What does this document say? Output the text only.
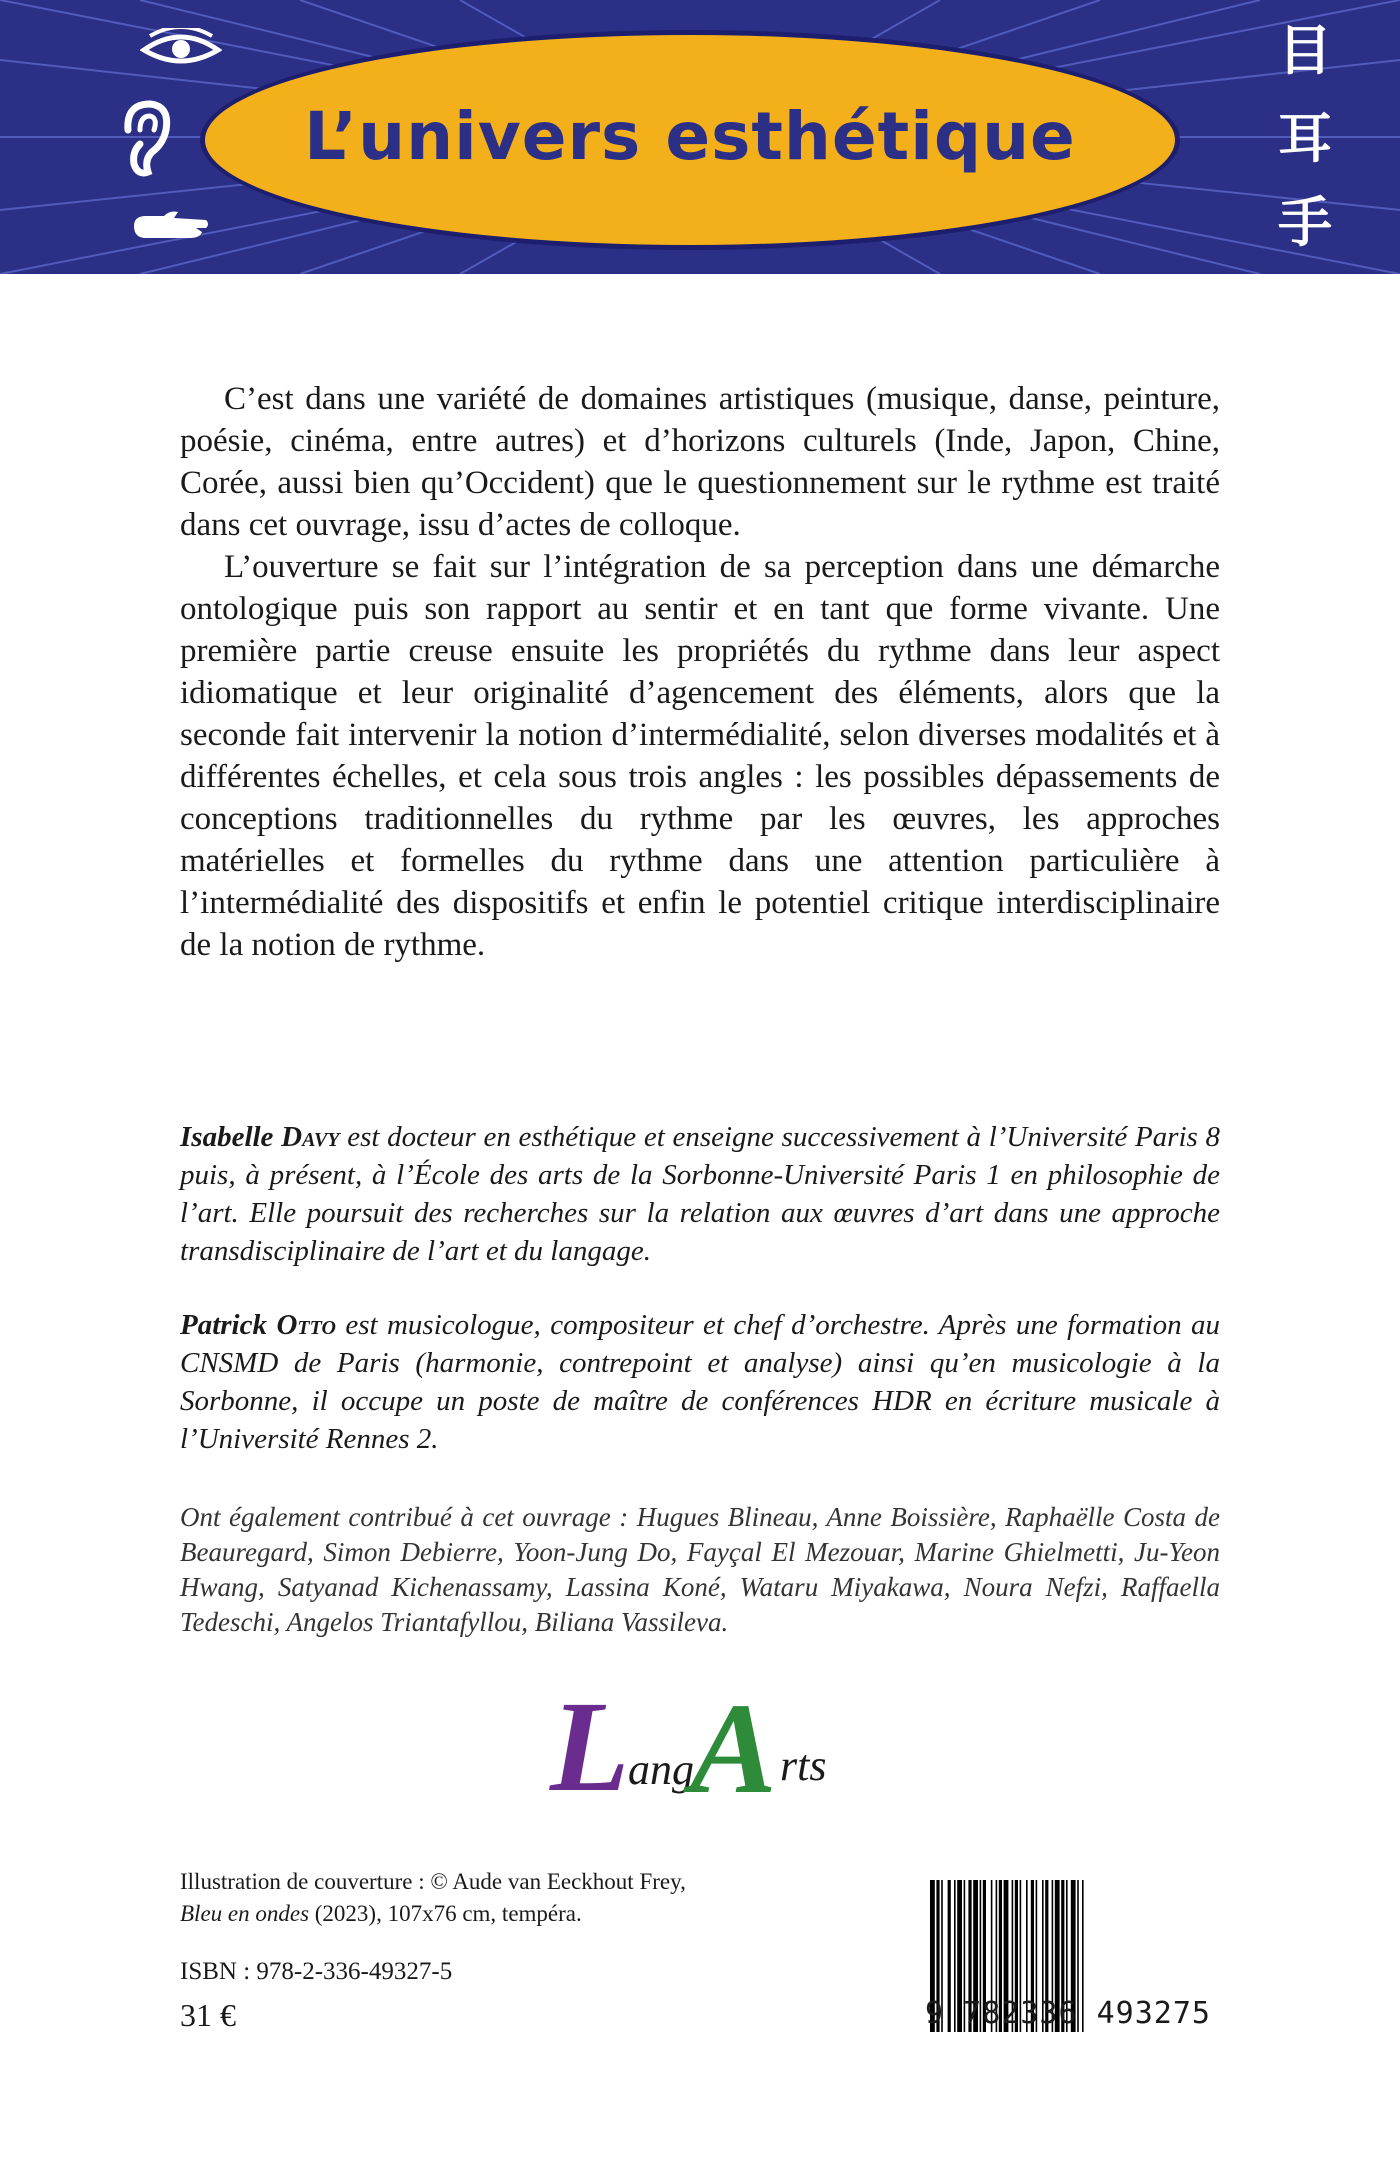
L’univers esthétique
目
耳
手

C’est dans une variété de domaines artistiques (musique, danse, peinture, poésie, cinéma, entre autres) et d’horizons culturels (Inde, Japon, Chine, Corée, aussi bien qu’Occident) que le questionnement sur le rythme est traité dans cet ouvrage, issu d’actes de colloque.

L’ouverture se fait sur l’intégration de sa perception dans une démarche ontologique puis son rapport au sentir et en tant que forme vivante. Une première partie creuse ensuite les propriétés du rythme dans leur aspect idiomatique et leur originalité d’agencement des éléments, alors que la seconde fait intervenir la notion d’intermédialité, selon diverses modalités et à différentes échelles, et cela sous trois angles : les possibles dépassements de conceptions traditionnelles du rythme par les œuvres, les approches matérielles et formelles du rythme dans une attention particulière à l’intermédialité des dispositifs et enfin le potentiel critique interdisciplinaire de la notion de rythme.

Isabelle Davy est docteur en esthétique et enseigne successivement à l’Université Paris 8 puis, à présent, à l’École des arts de la Sorbonne-Université Paris 1 en philosophie de l’art. Elle poursuit des recherches sur la relation aux œuvres d’art dans une approche transdisciplinaire de l’art et du langage.

Patrick Otto est musicologue, compositeur et chef d’orchestre. Après une formation au CNSMD de Paris (harmonie, contrepoint et analyse) ainsi qu’en musicologie à la Sorbonne, il occupe un poste de maître de conférences HDR en écriture musicale à l’Université Rennes 2.

Ont également contribué à cet ouvrage : Hugues Blineau, Anne Boissière, Raphaëlle Costa de Beauregard, Simon Debierre, Yoon-Jung Do, Fayçal El Mezouar, Marine Ghielmetti, Ju-Yeon Hwang, Satyanad Kichenassamy, Lassina Koné, Wataru Miyakawa, Noura Nefzi, Raffaella Tedeschi, Angelos Triantafyllou, Biliana Vassileva.

L
ang
A rts
Illustration de couverture : © Aude van Eeckhout Frey,
Bleu en ondes (2023), 107x76 cm, tempéra.
ISBN : 978-2-336-49327-5
31 €	9 782336 493275
